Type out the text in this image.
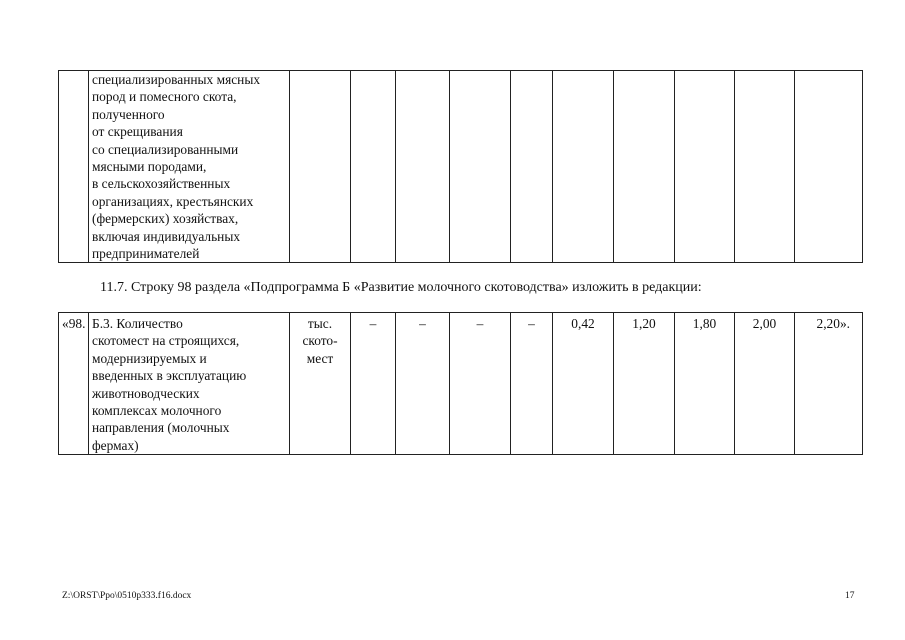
	специализированных мясных
пород и помесного скота,
полученного
от скрещивания
со специализированными
мясными породами,
в сельскохозяйственных
организациях, крестьянских
(фермерских) хозяйствах,
включая индивидуальных
предпринимателей										
11.7. Строку 98 раздела «Подпрограмма Б «Развитие молочного скотоводства» изложить в редакции:
«98.	Б.3. Количество
скотомест на строящихся,
модернизируемых и
введенных в эксплуатацию
животноводческих
комплексах молочного
направления (молочных
фермах)	тыс.
ското-
мест	–	–	–	–	0,42	1,20	1,80	2,00	2,20».
Z:\ORST\Ppo\0510p333.f16.docx	17
